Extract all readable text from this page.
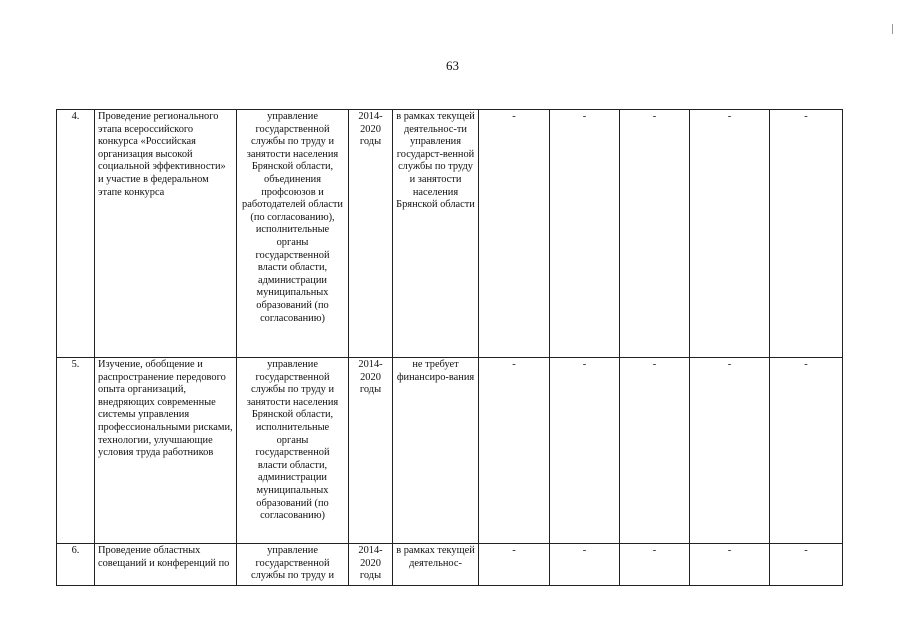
63
4.	Проведение регионального этапа всероссийского конкурса «Российская организация высокой социальной эффективности» и участие в федеральном этапе конкурса	управление государственной службы по труду и занятости населения Брянской области, объединения профсоюзов и работодателей области (по согласованию), исполнительные органы государственной власти области, администрации муниципальных образований (по согласованию)	2014-2020 годы	в рамках текущей деятельнос-ти управления государст-венной службы по труду и занятости населения Брянской области	-	-	-	-	-
5.	Изучение, обобщение и распространение передового опыта организаций, внедряющих современные системы управления профессиональными рисками, технологии, улучшающие условия труда работников	управление государственной службы по труду и занятости населения Брянской области, исполнительные органы государственной власти области, администрации муниципальных образований (по согласованию)	2014-2020 годы	не требует финансиро-вания	-	-	-	-	-
6.	Проведение областных совещаний и конференций по	управление государственной службы по труду и	2014-2020 годы	в рамках текущей деятельнос-	-	-	-	-	-
